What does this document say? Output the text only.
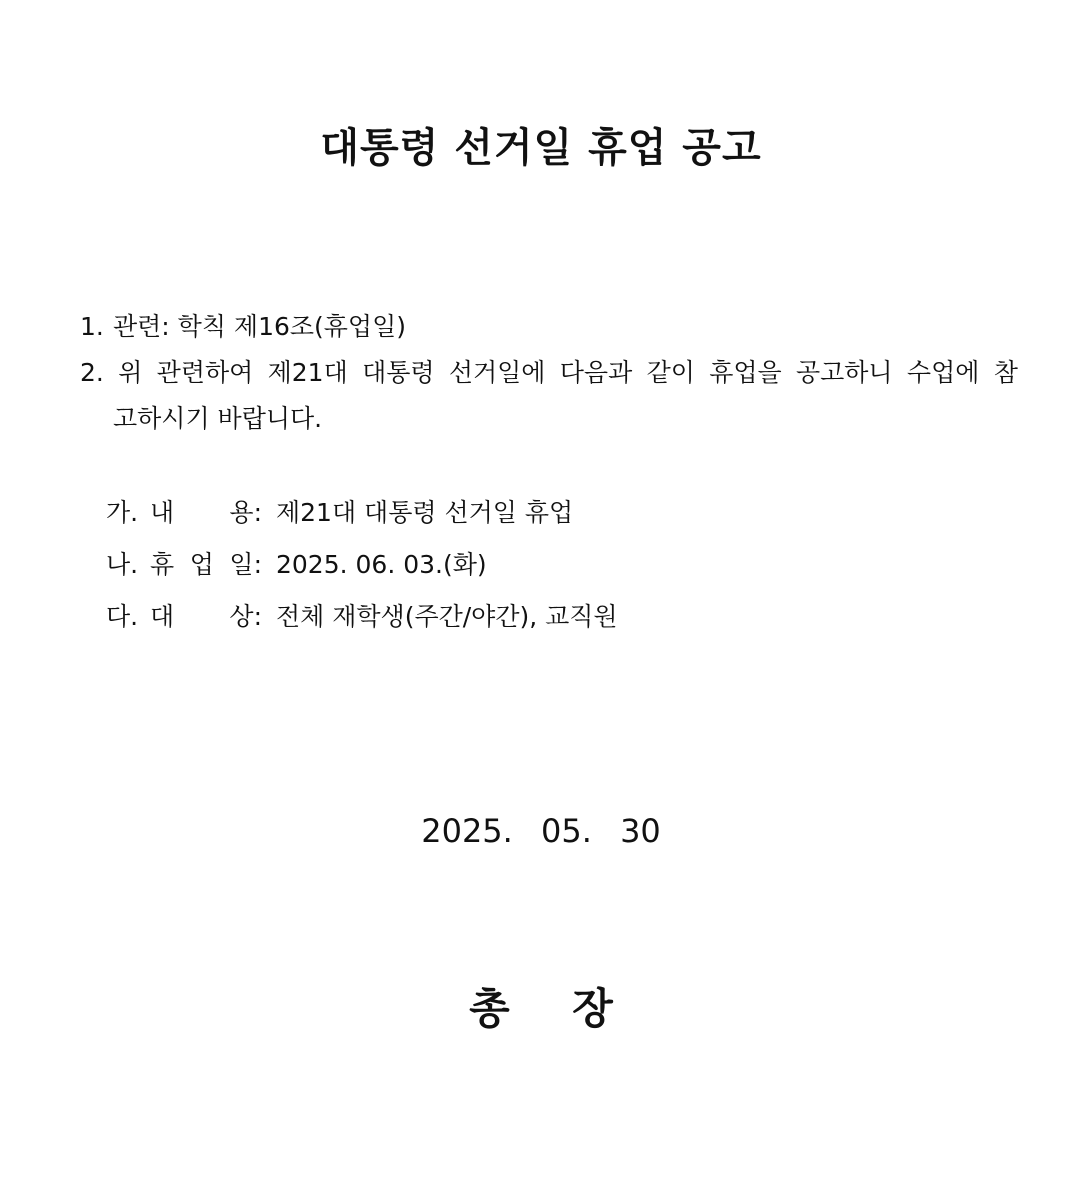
대통령 선거일 휴업 공고
1. 관련: 학칙 제16조(휴업일)
2. 위 관련하여 제21대 대통령 선거일에 다음과 같이 휴업을 공고하니 수업에 참
고하시기 바랍니다.
가. 내 용: 제21대 대통령 선거일 휴업
나. 휴 업 일: 2025. 06. 03.(화)
다. 대 상: 전체 재학생(주간/야간), 교직원
2025. 05. 30
총 장
